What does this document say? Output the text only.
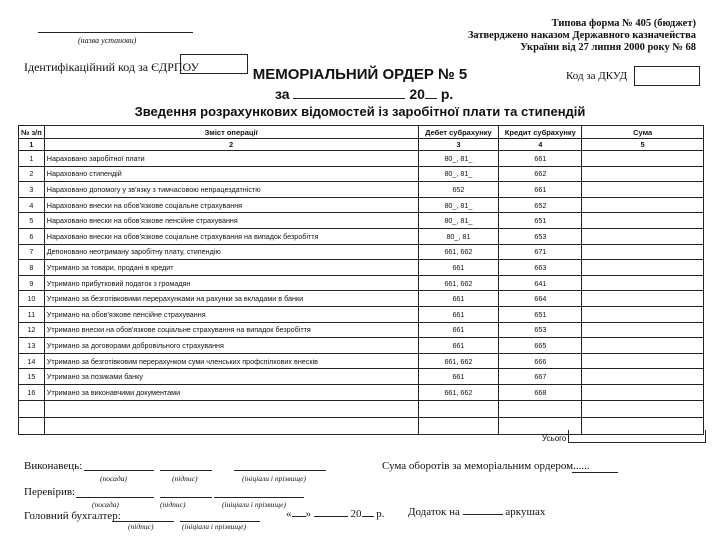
Типова форма № 405 (бюджет)
Затверджено наказом Державного казначейства
України від 27 липня 2000 року № 68
(назва установи)
Ідентифікаційний код за ЄДРПОУ
Код за ДКУД
МЕМОРІАЛЬНИЙ ОРДЕР № 5
за	20 р.
Зведення розрахункових відомостей із заробітної плати та стипендій
№ з/п	Зміст операції	Дебет субрахунку	Кредит субрахунку	Сума
1	2	3	4	5
1	Нараховано заробітної плати	80_, 81_	661	
2	Нараховано стипендій	80_, 81_	662	
3	Нараховано допомогу у зв'язку з тимчасовою непрацездатністю	652	661	
4	Нараховано внески на обов'язкове соціальне страхування	80_, 81_	652	
5	Нараховано внески на обов'язкове пенсійне страхування	80_, 81_	651	
6	Нараховано внески на обов'язкове соціальне страхування на випадок безробіття	80_, 81	653	
7	Депоновано неотриману заробітну плату, стипендію	661, 662	671	
8	Утримано за товари, продані в кредит	661	663	
9	Утримано прибутковий податок з громадян	661, 662	641	
10	Утримано за безготівковими перерахунками на рахунки за вкладами в банки	661	664	
11	Утримано на обов'язкове пенсійне страхування	661	651	
12	Утримано внески на обов'язкове соціальне страхування на випадок безробіття	661	653	
13	Утримано за договорами добровільного страхування	661	665	
14	Утримано за безготівковим перерахунком суми членських профспілкових внесків	661, 662	666	
15	Утримано за позиками банку	661	667	
16	Утримано за виконавчими документами	661, 662	668	

Усього
Виконавець:
(посада)	(підпис)	(ініціали і прізвище)
Сума оборотів за меморіальним ордером......
Перевірив:
(посада)	(підпис)	(ініціали і прізвище)
Головний бухгалтер:
(підпис)	(ініціали і прізвище)
« »	20 р. Додаток на	аркушах
